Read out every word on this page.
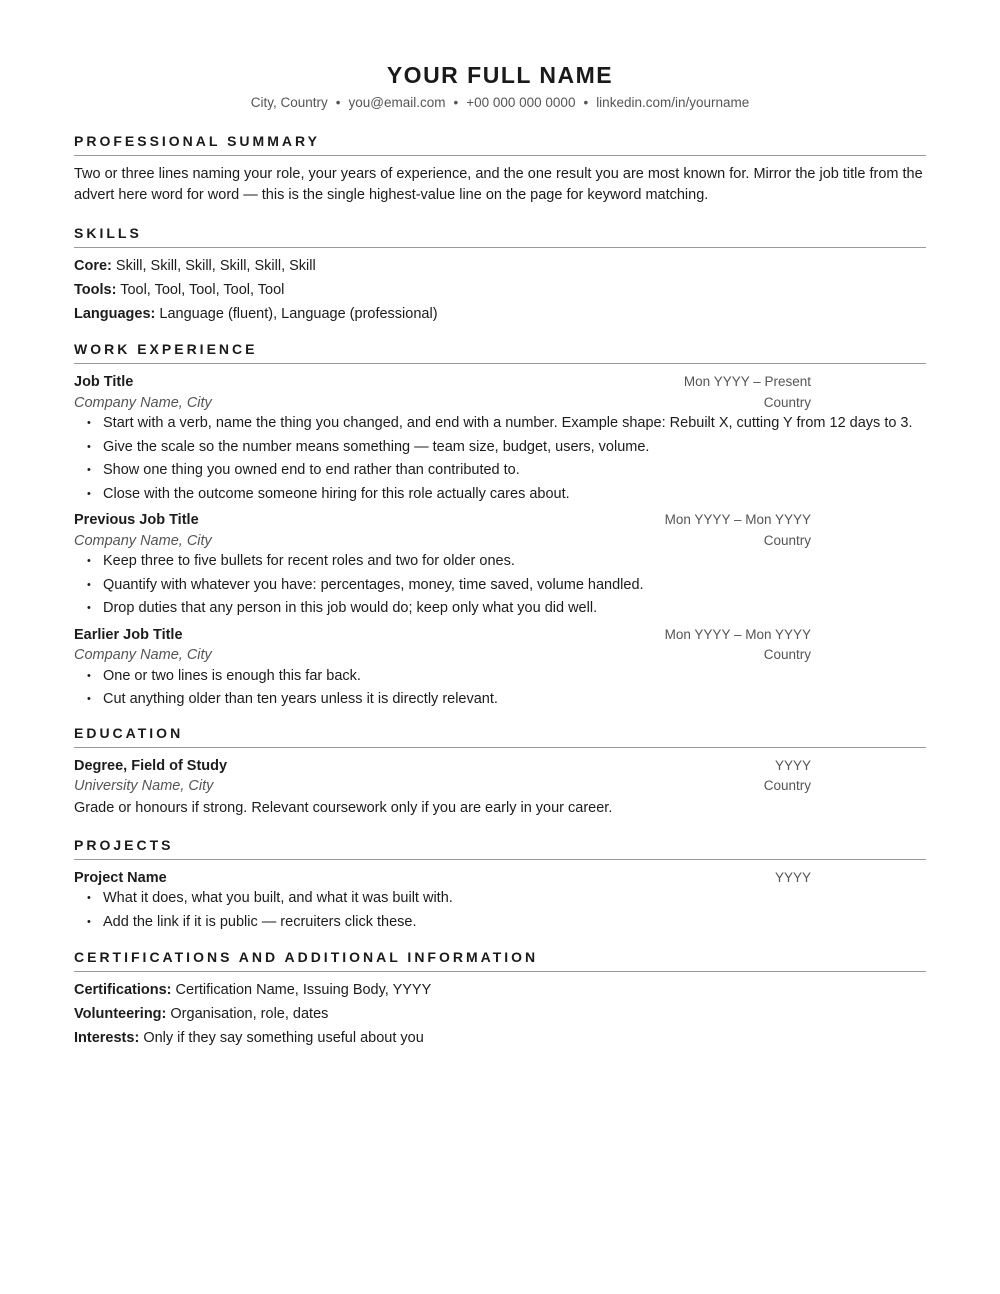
YOUR FULL NAME
City, Country • you@email.com • +00 000 000 0000 • linkedin.com/in/yourname
PROFESSIONAL SUMMARY

Two or three lines naming your role, your years of experience, and the one result you are most known for. Mirror the job title from the advert here word for word — this is the single highest-value line on the page for keyword matching.

SKILLS
Core: Skill, Skill, Skill, Skill, Skill, Skill
Tools: Tool, Tool, Tool, Tool, Tool
Languages: Language (fluent), Language (professional)
WORK EXPERIENCE
Job Title	Mon YYYY – Present
Company Name, City	Country
• Start with a verb, name the thing you changed, and end with a number. Example shape: Rebuilt X, cutting Y from 12 days to 3.
• Give the scale so the number means something — team size, budget, users, volume.
• Show one thing you owned end to end rather than contributed to.
• Close with the outcome someone hiring for this role actually cares about.
Previous Job Title	Mon YYYY – Mon YYYY
Company Name, City	Country
• Keep three to five bullets for recent roles and two for older ones.
• Quantify with whatever you have: percentages, money, time saved, volume handled.
• Drop duties that any person in this job would do; keep only what you did well.
Earlier Job Title	Mon YYYY – Mon YYYY
Company Name, City	Country
• One or two lines is enough this far back.
• Cut anything older than ten years unless it is directly relevant.
EDUCATION
Degree, Field of Study	YYYY
University Name, City	Country
Grade or honours if strong. Relevant coursework only if you are early in your career.
PROJECTS
Project Name	YYYY
• What it does, what you built, and what it was built with.
• Add the link if it is public — recruiters click these.
CERTIFICATIONS AND ADDITIONAL INFORMATION
Certifications: Certification Name, Issuing Body, YYYY
Volunteering: Organisation, role, dates
Interests: Only if they say something useful about you
